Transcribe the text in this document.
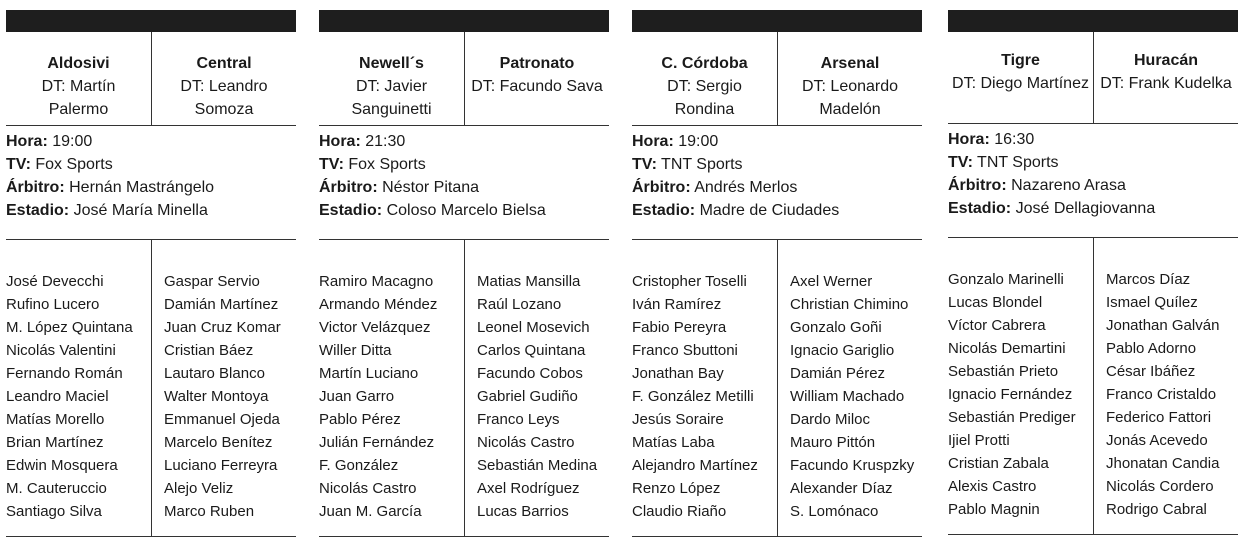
Aldosivi
DT: Martín Palermo
Central
DT: Leandro Somoza
Hora: 19:00
TV: Fox Sports
Árbitro: Hernán Mastrángelo
Estadio: José María Minella
José Devecchi
Rufino Lucero
M. López Quintana
Nicolás Valentini
Fernando Román
Leandro Maciel
Matías Morello
Brian Martínez
Edwin Mosquera
M. Cauteruccio
Santiago Silva
Gaspar Servio
Damián Martínez
Juan Cruz Komar
Cristian Báez
Lautaro Blanco
Walter Montoya
Emmanuel Ojeda
Marcelo Benítez
Luciano Ferreyra
Alejo Veliz
Marco Ruben
Newell´s
DT: Javier Sanguinetti
Patronato
DT: Facundo Sava
Hora: 21:30
TV: Fox Sports
Árbitro: Néstor Pitana
Estadio: Coloso Marcelo Bielsa
Ramiro Macagno
Armando Méndez
Victor Velázquez
Willer Ditta
Martín Luciano
Juan Garro
Pablo Pérez
Julián Fernández
F. González
Nicolás Castro
Juan M. García
Matias Mansilla
Raúl Lozano
Leonel Mosevich
Carlos Quintana
Facundo Cobos
Gabriel Gudiño
Franco Leys
Nicolás Castro
Sebastián Medina
Axel Rodríguez
Lucas Barrios
C. Córdoba
DT: Sergio Rondina
Arsenal
DT: Leonardo Madelón
Hora: 19:00
TV: TNT Sports
Árbitro: Andrés Merlos
Estadio: Madre de Ciudades
Cristopher Toselli
Iván Ramírez
Fabio Pereyra
Franco Sbuttoni
Jonathan Bay
F. González Metilli
Jesús Soraire
Matías Laba
Alejandro Martínez
Renzo López
Claudio Riaño
Axel Werner
Christian Chimino
Gonzalo Goñi
Ignacio Gariglio
Damián Pérez
William Machado
Dardo Miloc
Mauro Pittón
Facundo Kruspzky
Alexander Díaz
S. Lomónaco
Tigre
DT: Diego Martínez
Huracán
DT: Frank Kudelka
Hora: 16:30
TV: TNT Sports
Árbitro: Nazareno Arasa
Estadio: José Dellagiovanna
Gonzalo Marinelli
Lucas Blondel
Víctor Cabrera
Nicolás Demartini
Sebastián Prieto
Ignacio Fernández
Sebastián Prediger
Ijiel Protti
Cristian Zabala
Alexis Castro
Pablo Magnin
Marcos Díaz
Ismael Quílez
Jonathan Galván
Pablo Adorno
César Ibáñez
Franco Cristaldo
Federico Fattori
Jonás Acevedo
Jhonatan Candia
Nicolás Cordero
Rodrigo Cabral
